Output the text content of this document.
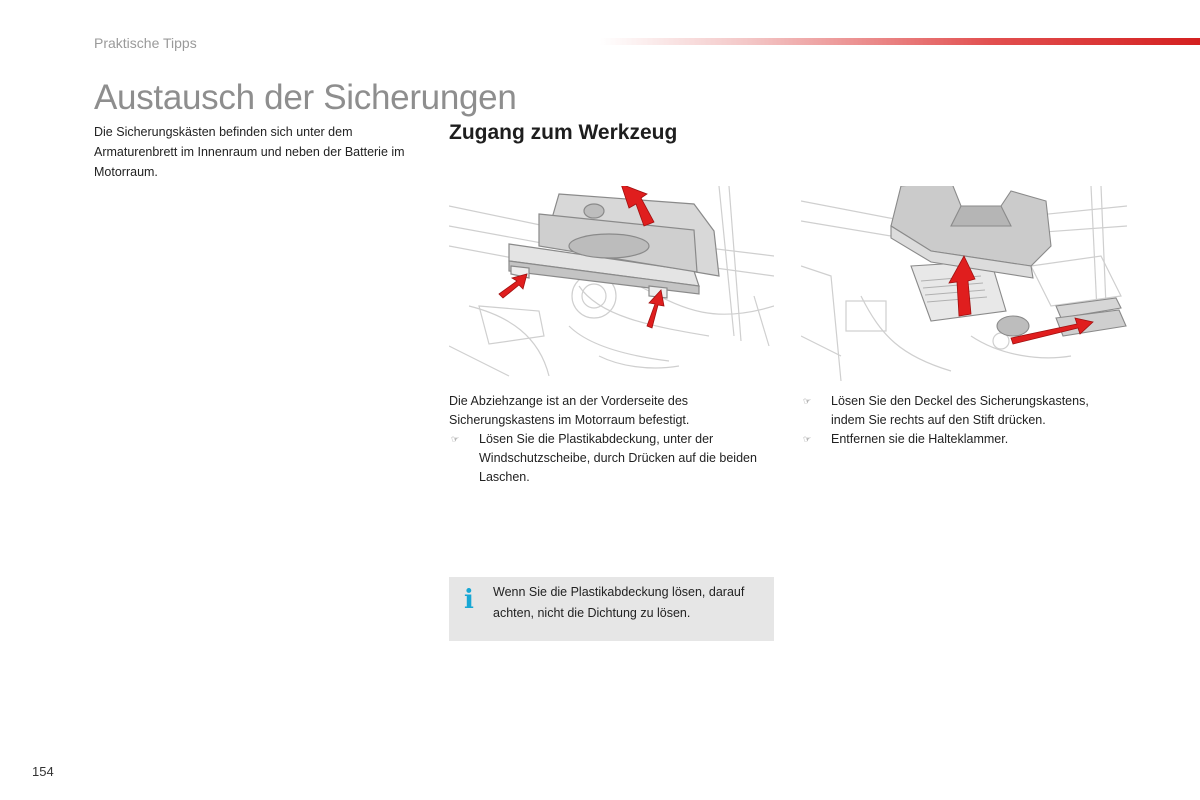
Praktische Tipps
Austausch der Sicherungen
Die Sicherungskästen befinden sich unter dem Armaturenbrett im Innenraum und neben der Batterie im Motorraum.
Zugang zum Werkzeug
Die Abziehzange ist an der Vorderseite des Sicherungskastens im Motorraum befestigt.
☞	Lösen Sie die Plastikabdeckung, unter der Windschutzscheibe, durch Drücken auf die beiden Laschen.
☞	Lösen Sie den Deckel des Sicherungskastens, indem Sie rechts auf den Stift drücken.
☞	Entfernen sie die Halteklammer.
i Wenn Sie die Plastikabdeckung lösen, darauf achten, nicht die Dichtung zu lösen.
154
